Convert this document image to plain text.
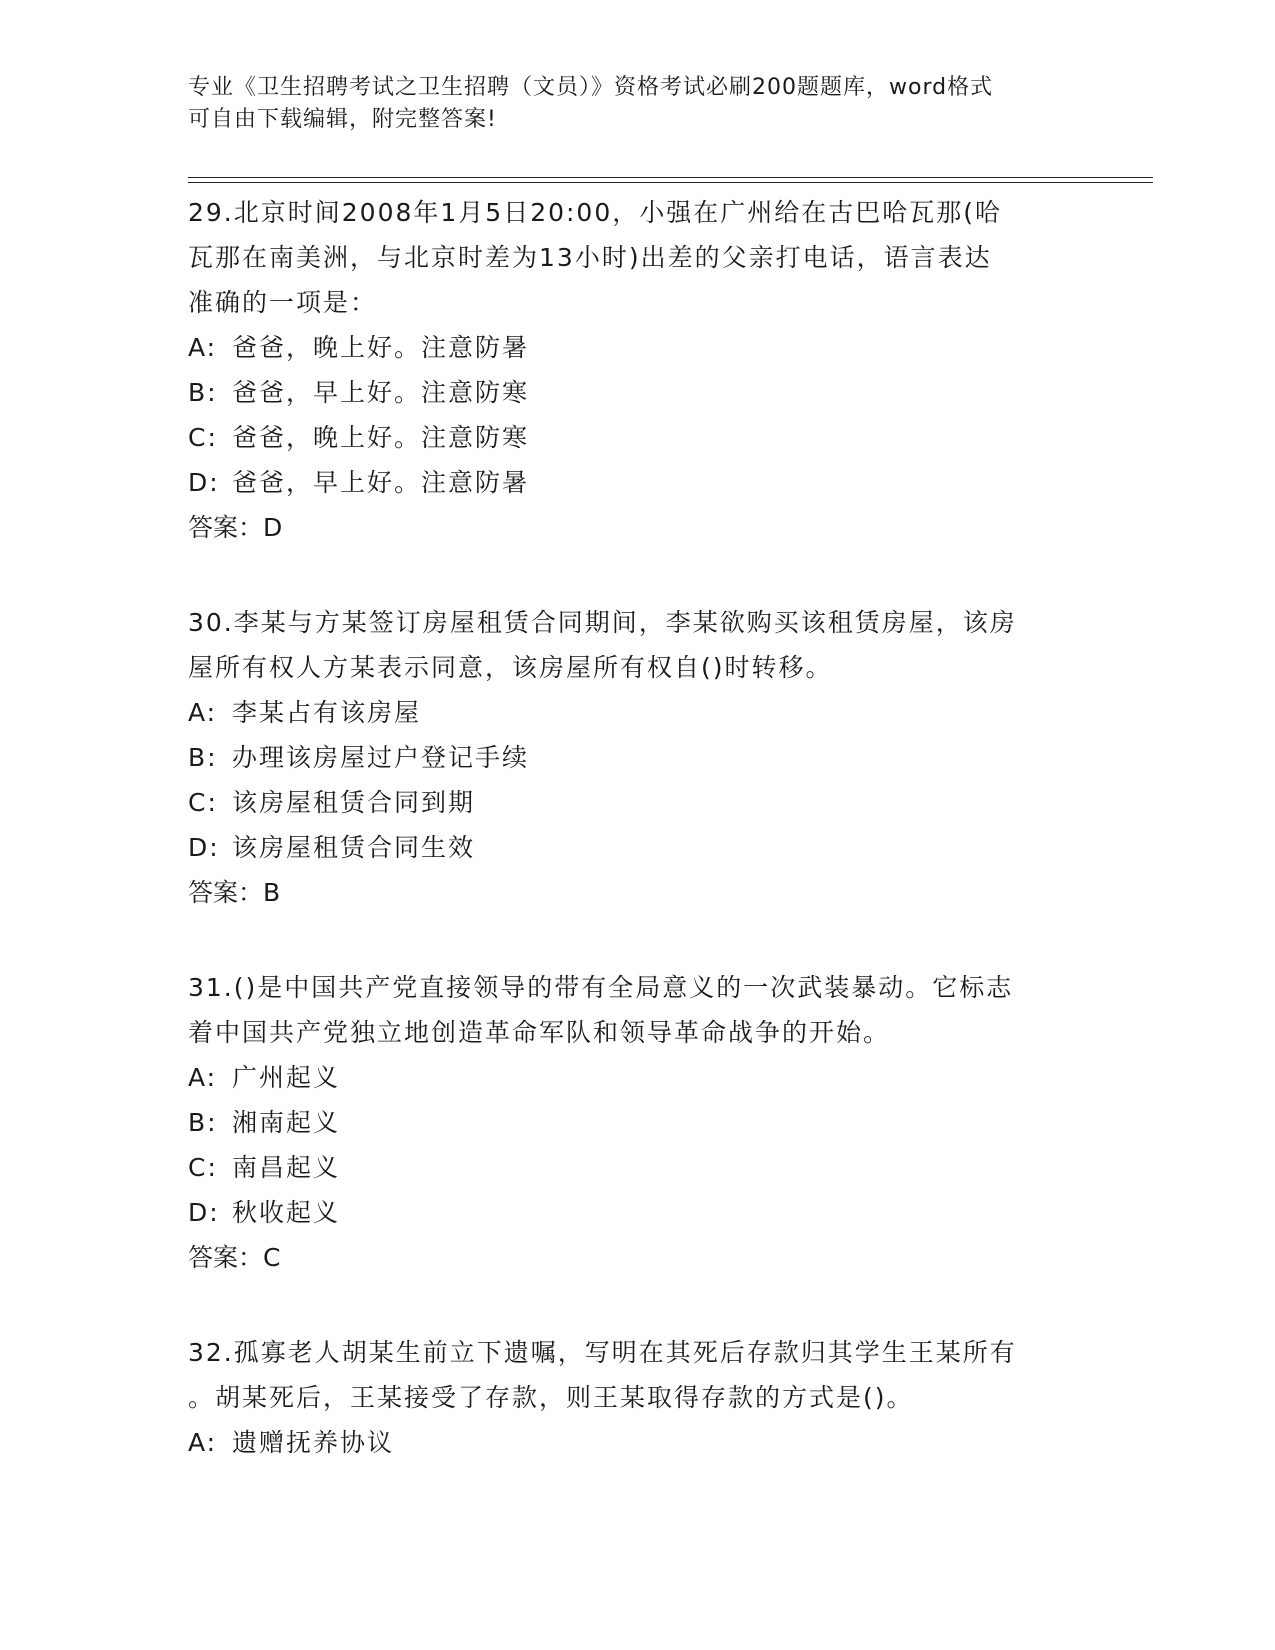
专业《卫生招聘考试之卫生招聘（文员）》资格考试必刷200题题库，word格式
可自由下载编辑，附完整答案!

29.北京时间2008年1月5日20:00，小强在广州给在古巴哈瓦那(哈

瓦那在南美洲，与北京时差为13小时)出差的父亲打电话，语言表达

准确的一项是：

A: 爸爸，晚上好。注意防暑

B: 爸爸，早上好。注意防寒

C: 爸爸，晚上好。注意防寒

D: 爸爸，早上好。注意防暑

答案：D

30.李某与方某签订房屋租赁合同期间，李某欲购买该租赁房屋，该房

屋所有权人方某表示同意，该房屋所有权自()时转移。

A: 李某占有该房屋

B: 办理该房屋过户登记手续

C: 该房屋租赁合同到期

D: 该房屋租赁合同生效

答案：B

31.()是中国共产党直接领导的带有全局意义的一次武装暴动。它标志

着中国共产党独立地创造革命军队和领导革命战争的开始。

A: 广州起义

B: 湘南起义

C: 南昌起义

D: 秋收起义

答案：C

32.孤寡老人胡某生前立下遗嘱，写明在其死后存款归其学生王某所有

。胡某死后，王某接受了存款，则王某取得存款的方式是()。

A: 遗赠抚养协议
